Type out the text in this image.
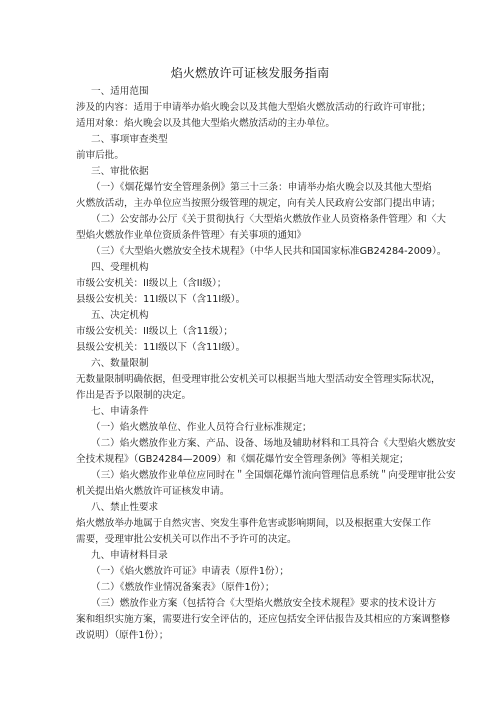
焰火燃放许可证核发服务指南
一、适用范围
涉及的内容：适用于申请举办焰火晚会以及其他大型焰火燃放活动的行政许可审批；
适用对象：焰火晚会以及其他大型焰火燃放活动的主办单位。
二、事项审查类型
前审后批。
三、审批依据
（一）《烟花爆竹安全管理条例》第三十三条：申请举办焰火晚会以及其他大型焰
火燃放活动，主办单位应当按照分级管理的规定，向有关人民政府公安部门提出申请；
（二）公安部办公厅《关于贯彻执行〈大型焰火燃放作业人员资格条件管理〉和〈大
型焰火燃放作业单位资质条件管理〉有关事项的通知》
（三）《大型焰火燃放安全技术规程》（中华人民共和国国家标准GB24284-2009）。
四、受理机构
市级公安机关：II级以上（含II级）；
县级公安机关：11I级以下（含11I级）。
五、决定机构
市级公安机关：II级以上（含11级）；
县级公安机关：11I级以下（含11I级）。
六、数量限制
无数量限制明确依据，但受理审批公安机关可以根据当地大型活动安全管理实际状况，
作出是否予以限制的决定。
七、申请条件
（一）焰火燃放单位、作业人员符合行业标准规定；
（二）焰火燃放作业方案、产品、设备、场地及辅助材料和工具符合《大型焰火燃放安
全技术规程》（GB24284—2009）和《烟花爆竹安全管理条例》等相关规定；
（三）焰火燃放作业单位应同时在＂全国烟花爆竹流向管理信息系统＂向受理审批公安
机关提出焰火燃放许可证核发申请。
八、禁止性要求
焰火燃放举办地属于自然灾害、突发生事件危害或影响期间，以及根据重大安保工作
需要，受理审批公安机关可以作出不予许可的决定。
九、申请材料目录
（一）《焰火燃放许可证》申请表（原件1份）；
（二）《燃放作业情况备案表》（原件1份）；
（三）燃放作业方案（包括符合《大型焰火燃放安全技术规程》要求的技术设计方
案和组织实施方案，需要进行安全评估的，还应包括安全评估报告及其相应的方案调整修
改说明）（原件1份）；
